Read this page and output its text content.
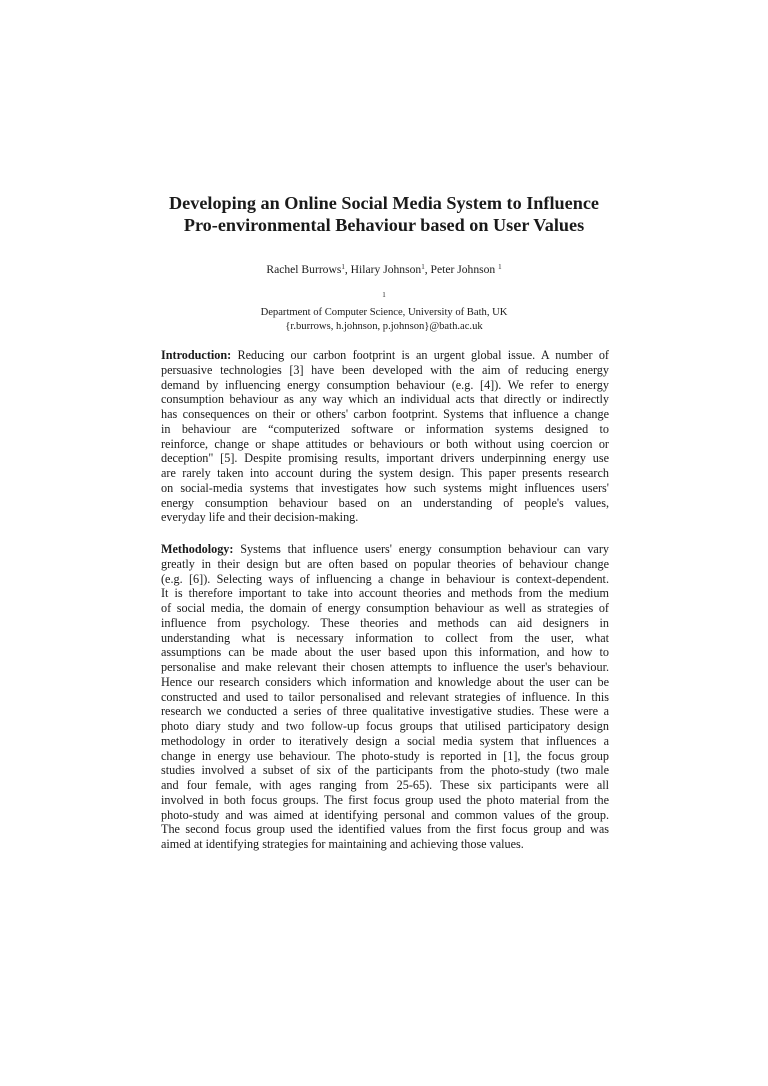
Developing an Online Social Media System to Influence
Pro-environmental Behaviour based on User Values
Rachel Burrows$^1$, Hilary Johnson$^1$, Peter Johnson $^1$
$^1$
Department of Computer Science, University of Bath, UK
{r.burrows, h.johnson, p.johnson}@bath.ac.uk
Introduction: Reducing our carbon footprint is an urgent global issue. A number of
persuasive technologies [3] have been developed with the aim of reducing energy
demand by influencing energy consumption behaviour (e.g. [4]). We refer to energy
consumption behaviour as any way which an individual acts that directly or indirectly
has consequences on their or others' carbon footprint. Systems that influence a change
in behaviour are “computerized software or information systems designed to
reinforce, change or shape attitudes or behaviours or both without using coercion or
deception" [5]. Despite promising results, important drivers underpinning energy use
are rarely taken into account during the system design. This paper presents research
on social-media systems that investigates how such systems might influences users'
energy consumption behaviour based on an understanding of people's values,
everyday life and their decision-making.
Methodology: Systems that influence users' energy consumption behaviour can vary
greatly in their design but are often based on popular theories of behaviour change
(e.g. [6]). Selecting ways of influencing a change in behaviour is context-dependent.
It is therefore important to take into account theories and methods from the medium
of social media, the domain of energy consumption behaviour as well as strategies of
influence from psychology. These theories and methods can aid designers in
understanding what is necessary information to collect from the user, what
assumptions can be made about the user based upon this information, and how to
personalise and make relevant their chosen attempts to influence the user's behaviour.
Hence our research considers which information and knowledge about the user can be
constructed and used to tailor personalised and relevant strategies of influence. In this
research we conducted a series of three qualitative investigative studies. These were a
photo diary study and two follow-up focus groups that utilised participatory design
methodology in order to iteratively design a social media system that influences a
change in energy use behaviour. The photo-study is reported in [1], the focus group
studies involved a subset of six of the participants from the photo-study (two male
and four female, with ages ranging from 25-65). These six participants were all
involved in both focus groups. The first focus group used the photo material from the
photo-study and was aimed at identifying personal and common values of the group.
The second focus group used the identified values from the first focus group and was
aimed at identifying strategies for maintaining and achieving those values.
